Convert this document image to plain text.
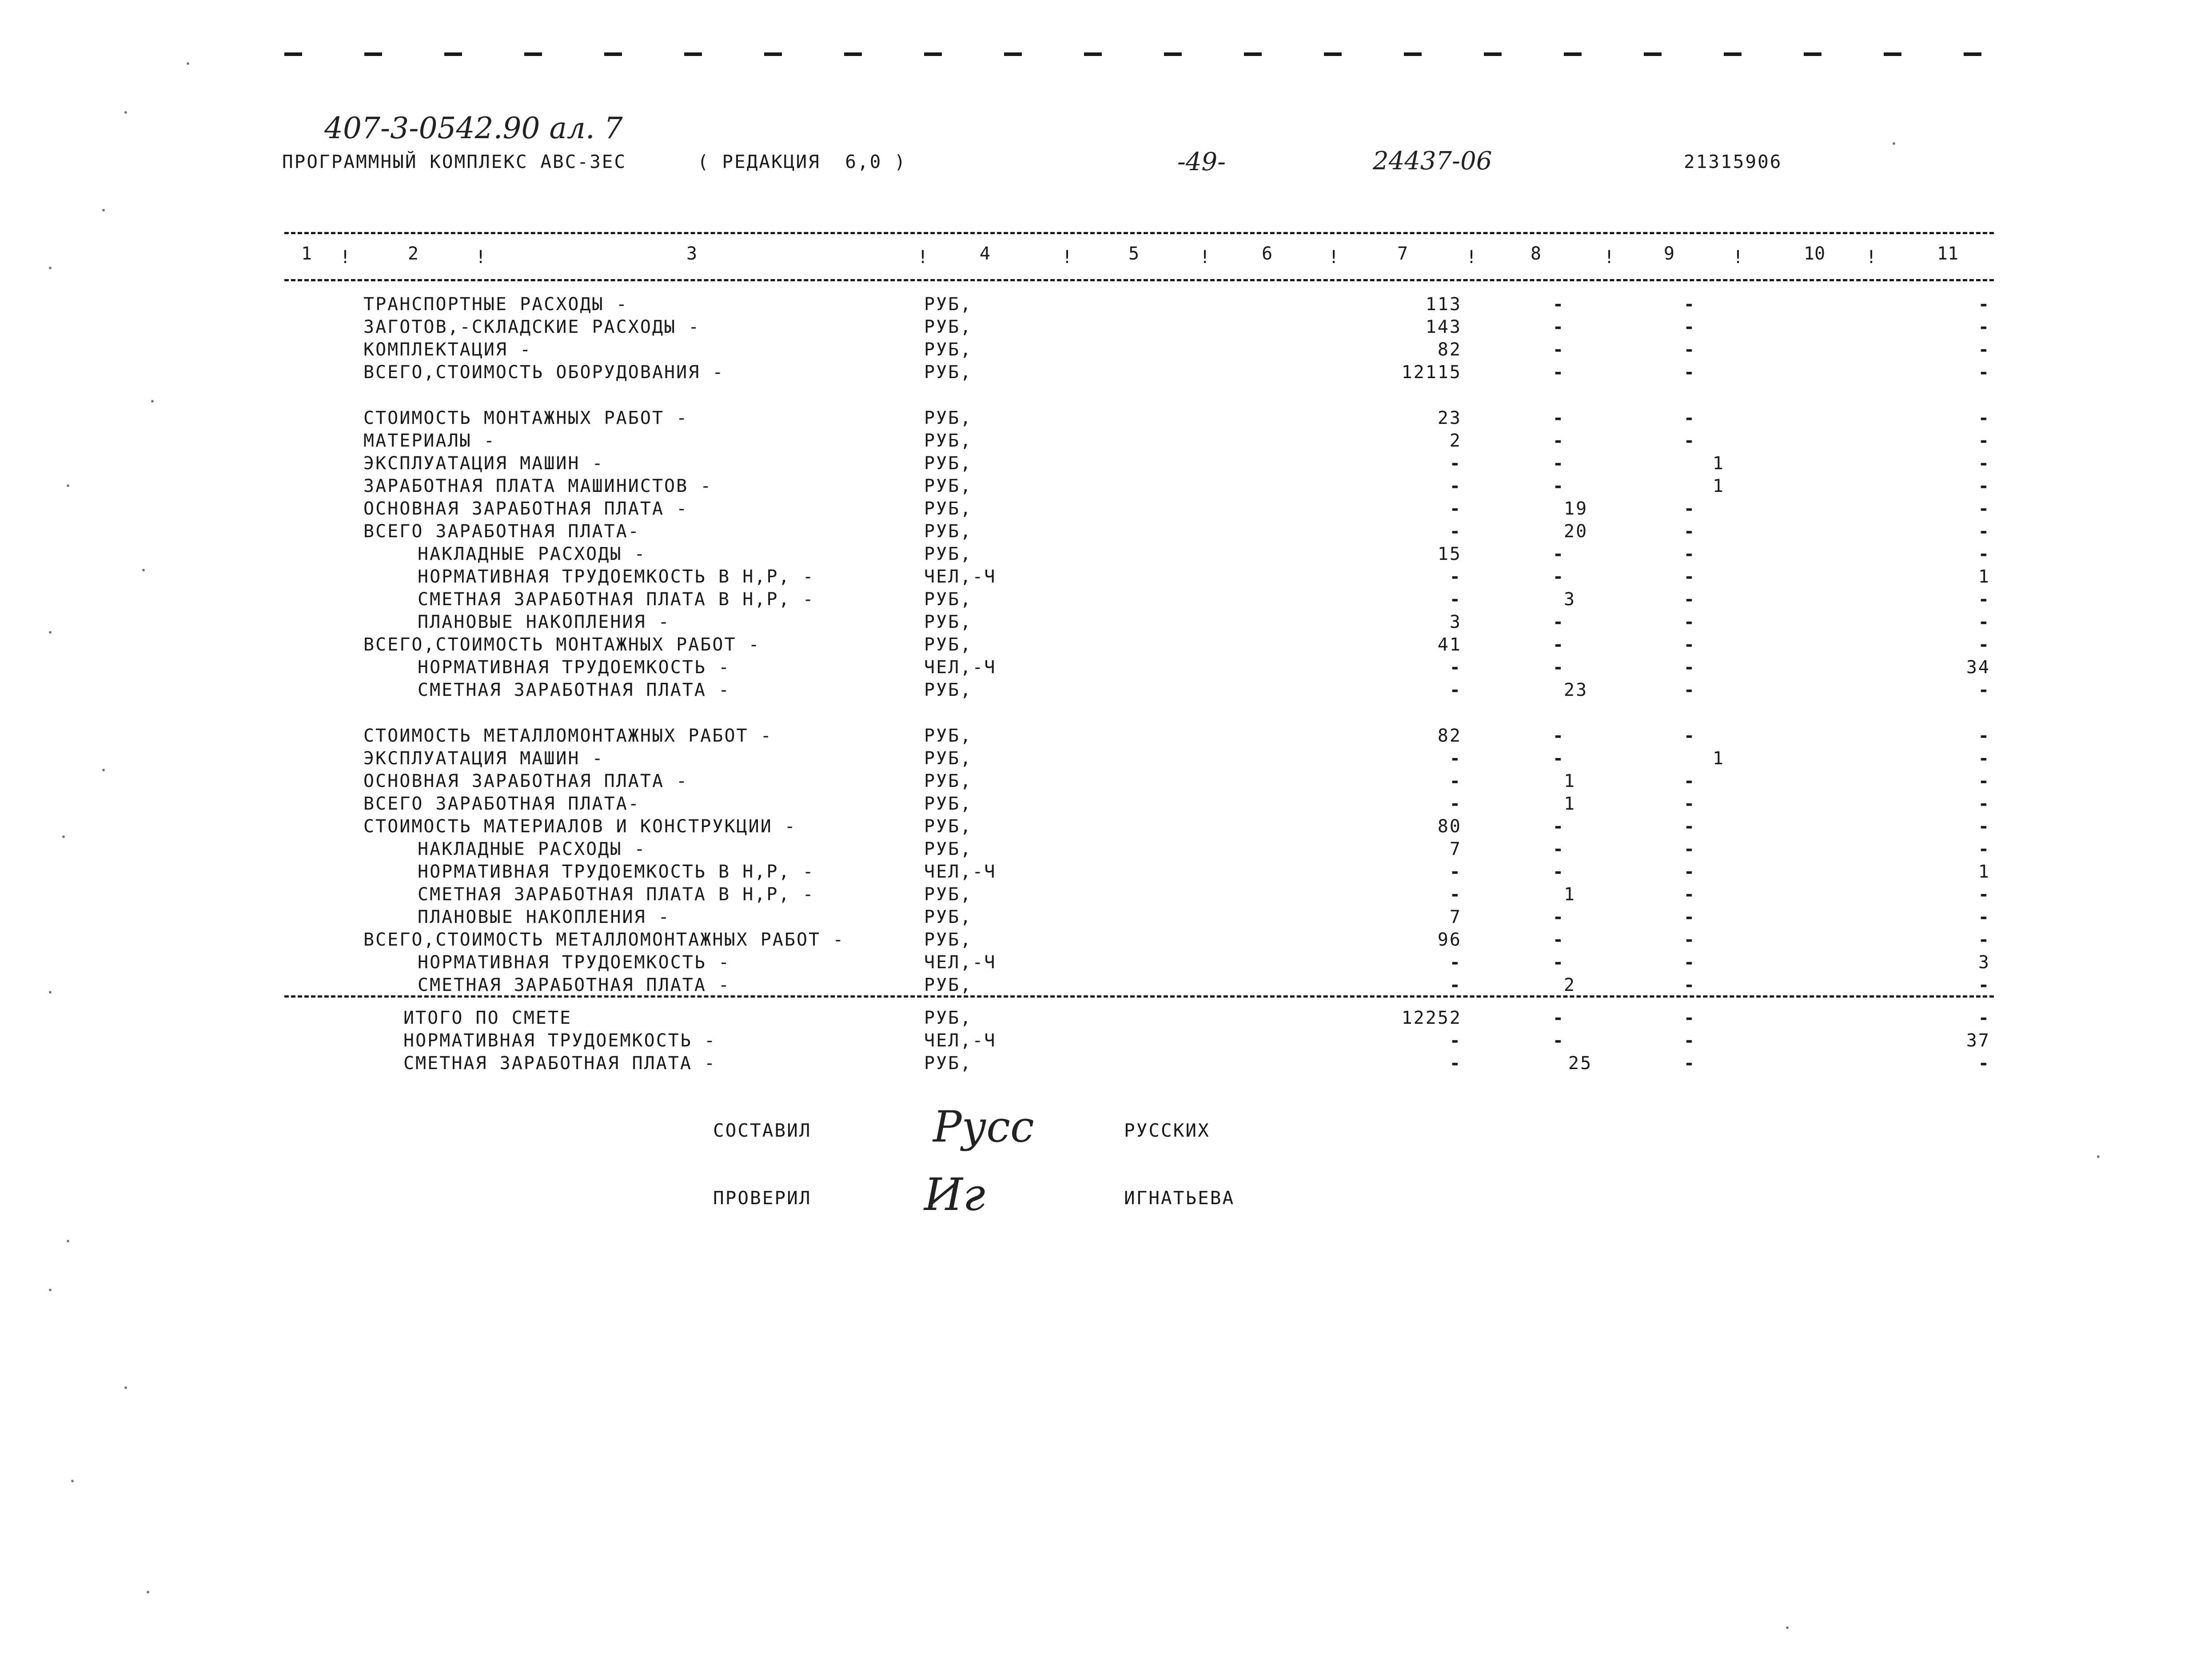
407-3-0542.90 ал. 7
ПРОГРАММНЫЙ КОМПЛЕКС АВС-3ЕС	( РЕДАКЦИЯ  6,0 )	-49-	24437-06	21315906
1	2	3	4	5	6	7	8	9	10	11
!	!	!	!	!	!	!	!	!	!
ТРАНСПОРТНЫЕ РАСХОДЫ -	РУБ,	113	-	-	-
ЗАГОТОВ,-СКЛАДСКИЕ РАСХОДЫ -	РУБ,	143	-	-	-
КОМПЛЕКТАЦИЯ -	РУБ,	82	-	-	-
ВСЕГО,СТОИМОСТЬ ОБОРУДОВАНИЯ -	РУБ,	12115	-	-	-
СТОИМОСТЬ МОНТАЖНЫХ РАБОТ -	РУБ,	23	-	-	-
МАТЕРИАЛЫ -	РУБ,	2	-	-	-
ЭКСПЛУАТАЦИЯ МАШИН -	РУБ,	-	-	1	-
ЗАРАБОТНАЯ ПЛАТА МАШИНИСТОВ -	РУБ,	-	-	1	-
ОСНОВНАЯ ЗАРАБОТНАЯ ПЛАТА -	РУБ,	-	19	-	-
ВСЕГО ЗАРАБОТНАЯ ПЛАТА-	РУБ,	-	20	-	-
НАКЛАДНЫЕ РАСХОДЫ -	РУБ,	15	-	-	-
НОРМАТИВНАЯ ТРУДОЕМКОСТЬ В Н,Р, -	ЧЕЛ,-Ч	-	-	-	1
СМЕТНАЯ ЗАРАБОТНАЯ ПЛАТА В Н,Р, -	РУБ,	-	3	-	-
ПЛАНОВЫЕ НАКОПЛЕНИЯ -	РУБ,	3	-	-	-
ВСЕГО,СТОИМОСТЬ МОНТАЖНЫХ РАБОТ -	РУБ,	41	-	-	-
НОРМАТИВНАЯ ТРУДОЕМКОСТЬ -	ЧЕЛ,-Ч	-	-	-	34
СМЕТНАЯ ЗАРАБОТНАЯ ПЛАТА -	РУБ,	-	23	-	-
СТОИМОСТЬ МЕТАЛЛОМОНТАЖНЫХ РАБОТ -	РУБ,	82	-	-	-
ЭКСПЛУАТАЦИЯ МАШИН -	РУБ,	-	-	1	-
ОСНОВНАЯ ЗАРАБОТНАЯ ПЛАТА -	РУБ,	-	1	-	-
ВСЕГО ЗАРАБОТНАЯ ПЛАТА-	РУБ,	-	1	-	-
СТОИМОСТЬ МАТЕРИАЛОВ И КОНСТРУКЦИИ -	РУБ,	80	-	-	-
НАКЛАДНЫЕ РАСХОДЫ -	РУБ,	7	-	-	-
НОРМАТИВНАЯ ТРУДОЕМКОСТЬ В Н,Р, -	ЧЕЛ,-Ч	-	-	-	1
СМЕТНАЯ ЗАРАБОТНАЯ ПЛАТА В Н,Р, -	РУБ,	-	1	-	-
ПЛАНОВЫЕ НАКОПЛЕНИЯ -	РУБ,	7	-	-	-
ВСЕГО,СТОИМОСТЬ МЕТАЛЛОМОНТАЖНЫХ РАБОТ -	РУБ,	96	-	-	-
НОРМАТИВНАЯ ТРУДОЕМКОСТЬ -	ЧЕЛ,-Ч	-	-	-	3
СМЕТНАЯ ЗАРАБОТНАЯ ПЛАТА -	РУБ,	-	2	-	-
ИТОГО ПО СМЕТЕ	РУБ,	12252	-	-	-
НОРМАТИВНАЯ ТРУДОЕМКОСТЬ -	ЧЕЛ,-Ч	-	-	-	37
СМЕТНАЯ ЗАРАБОТНАЯ ПЛАТА -	РУБ,	-	25	-	-
СОСТАВИЛ	Русс	РУССКИХ
ПРОВЕРИЛ	Иг	ИГНАТЬЕВА
